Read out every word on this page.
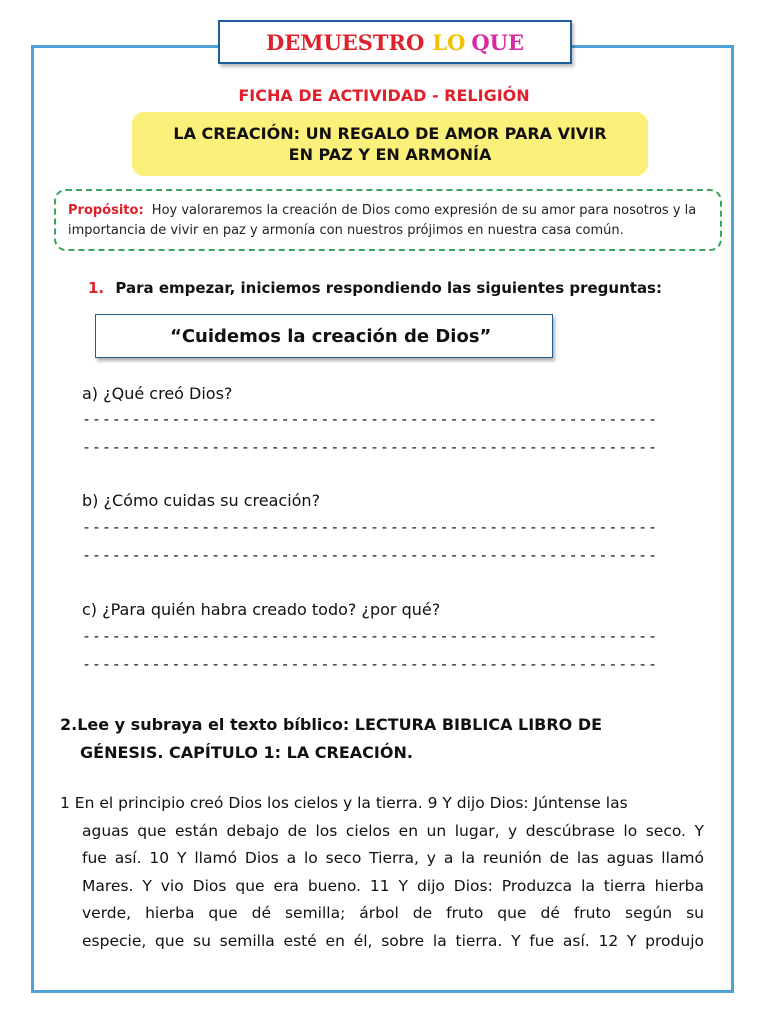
DEMUESTRO LO QUE
FICHA DE ACTIVIDAD - RELIGIÓN
LA CREACIÓN: UN REGALO DE AMOR PARA VIVIR
EN PAZ Y EN ARMONÍA
Propósito: Hoy valoraremos la creación de Dios como expresión de su amor para nosotros y la importancia de vivir en paz y armonía con nuestros prójimos en nuestra casa común.
1. Para empezar, iniciemos respondiendo las siguientes preguntas:
“Cuidemos la creación de Dios”
a) ¿Qué creó Dios?
----------------------------------------------------------
----------------------------------------------------------
b) ¿Cómo cuidas su creación?
----------------------------------------------------------
----------------------------------------------------------
c) ¿Para quién habra creado todo? ¿por qué?
----------------------------------------------------------
----------------------------------------------------------
2.Lee y subraya el texto bíblico: LECTURA BIBLICA LIBRO DE
GÉNESIS. CAPÍTULO 1: LA CREACIÓN.
1 En el principio creó Dios los cielos y la tierra. 9 Y dijo Dios: Júntense las
aguas que están debajo de los cielos en un lugar, y descúbrase lo seco. Y
fue así. 10 Y llamó Dios a lo seco Tierra, y a la reunión de las aguas llamó
Mares. Y vio Dios que era bueno. 11 Y dijo Dios: Produzca la tierra hierba
verde, hierba que dé semilla; árbol de fruto que dé fruto según su
especie, que su semilla esté en él, sobre la tierra. Y fue así. 12 Y produjo
